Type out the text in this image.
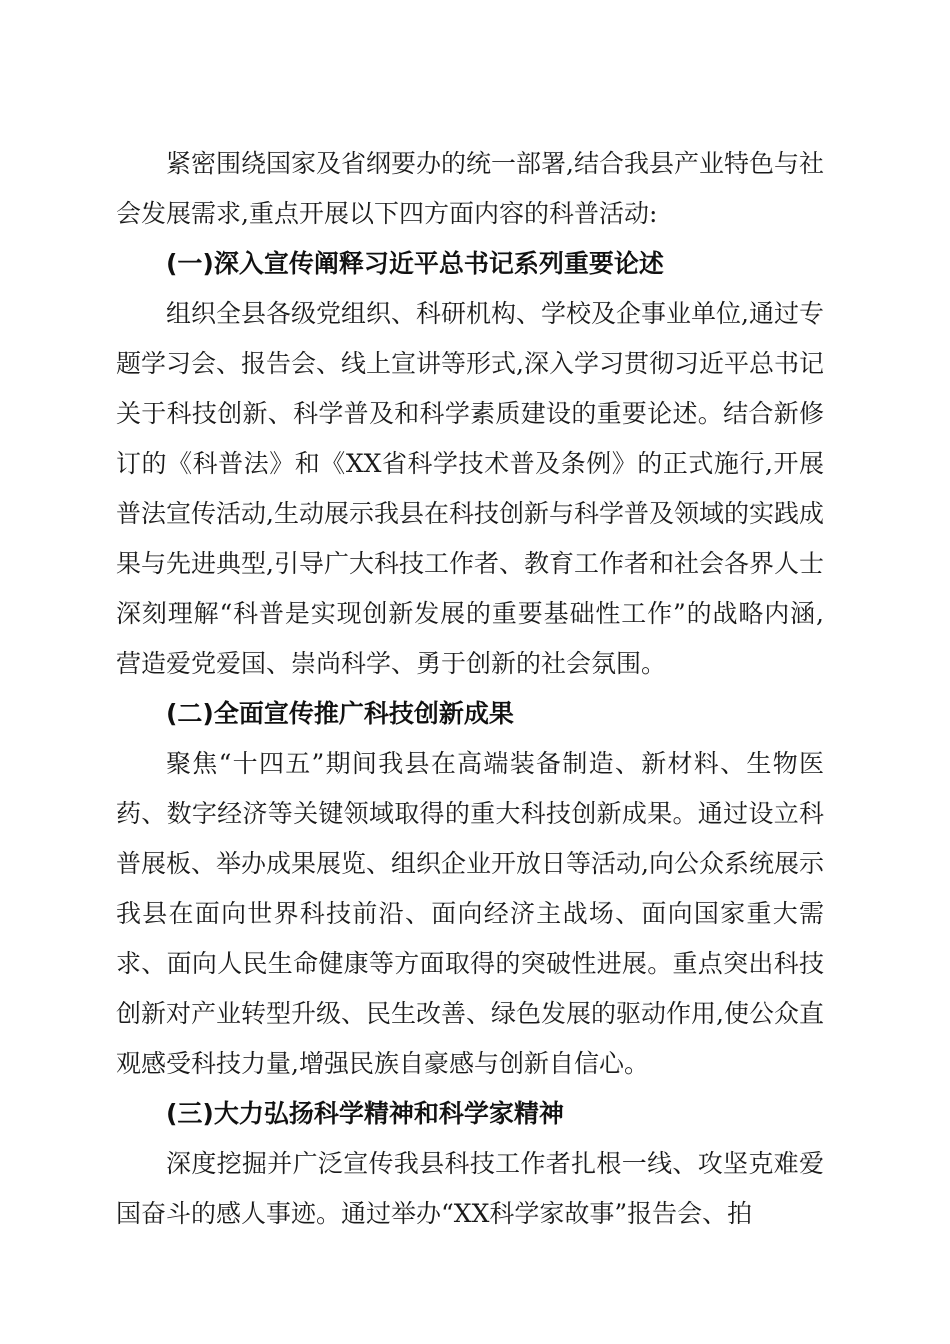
紧密围绕国家及省纲要办的统一部署,结合我县产业特色与社会发展需求,重点开展以下四方面内容的科普活动:

(一)深入宣传阐释习近平总书记系列重要论述

组织全县各级党组织、科研机构、学校及企事业单位,通过专题学习会、报告会、线上宣讲等形式,深入学习贯彻习近平总书记关于科技创新、科学普及和科学素质建设的重要论述。结合新修订的《科普法》和《XX省科学技术普及条例》的正式施行,开展普法宣传活动,生动展示我县在科技创新与科学普及领域的实践成果与先进典型,引导广大科技工作者、教育工作者和社会各界人士深刻理解“科普是实现创新发展的重要基础性工作”的战略内涵,营造爱党爱国、崇尚科学、勇于创新的社会氛围。

(二)全面宣传推广科技创新成果

聚焦“十四五”期间我县在高端装备制造、新材料、生物医药、数字经济等关键领域取得的重大科技创新成果。通过设立科普展板、举办成果展览、组织企业开放日等活动,向公众系统展示我县在面向世界科技前沿、面向经济主战场、面向国家重大需求、面向人民生命健康等方面取得的突破性进展。重点突出科技创新对产业转型升级、民生改善、绿色发展的驱动作用,使公众直观感受科技力量,增强民族自豪感与创新自信心。

(三)大力弘扬科学精神和科学家精神

深度挖掘并广泛宣传我县科技工作者扎根一线、攻坚克难爱国奋斗的感人事迹。通过举办“XX科学家故事”报告会、拍
